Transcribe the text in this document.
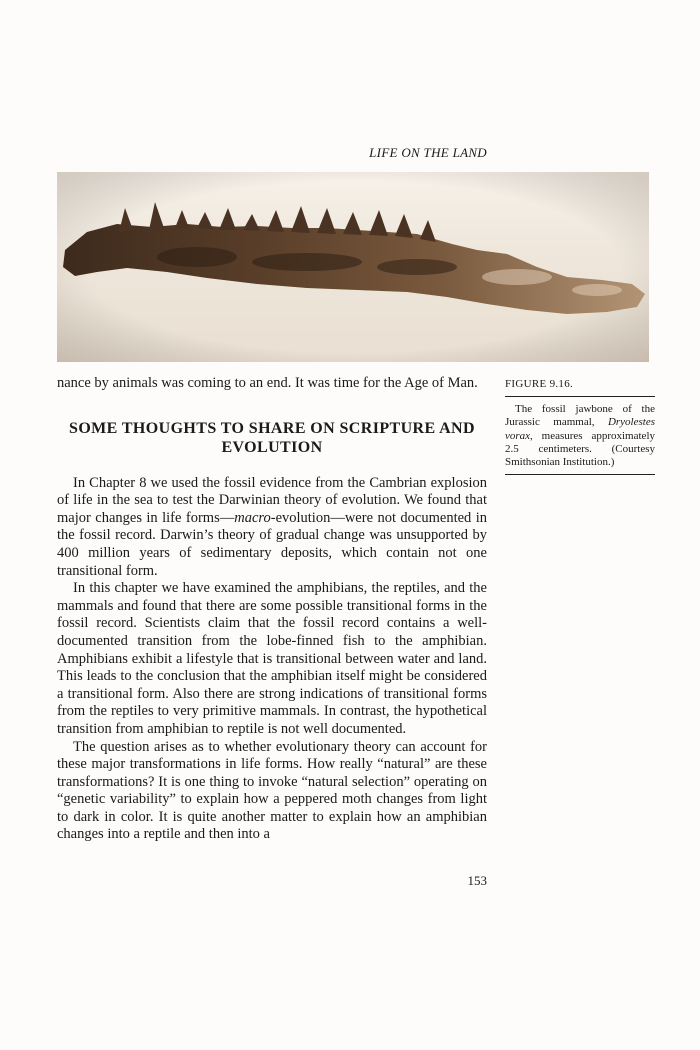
LIFE ON THE LAND

nance by animals was coming to an end. It was time for the Age of Man.

SOME THOUGHTS TO SHARE ON SCRIPTURE AND EVOLUTION

In Chapter 8 we used the fossil evidence from the Cambrian explosion of life in the sea to test the Darwinian theory of evolution. We found that major changes in life forms—macro-evolution—were not documented in the fossil record. Darwin’s theory of gradual change was unsupported by 400 million years of sedimentary deposits, which contain not one transitional form.

In this chapter we have examined the amphibians, the reptiles, and the mammals and found that there are some possible transitional forms in the fossil record. Scientists claim that the fossil record contains a well-documented transition from the lobe-finned fish to the amphibian. Amphibians exhibit a lifestyle that is transitional between water and land. This leads to the conclusion that the amphibian itself might be considered a transitional form. Also there are strong indications of transitional forms from the reptiles to very primitive mammals. In contrast, the hypothetical transition from amphibian to reptile is not well documented.

The question arises as to whether evolutionary theory can account for these major transformations in life forms. How really “natural” are these transformations? It is one thing to invoke “natural selection” operating on “genetic variability” to explain how a peppered moth changes from light to dark in color. It is quite another matter to explain how an amphibian changes into a reptile and then into a

FIGURE 9.16.
The fossil jawbone of the Jurassic mammal, Dryolestes vorax, measures approximately 2.5 centimeters. (Courtesy Smithsonian Institution.)
153
